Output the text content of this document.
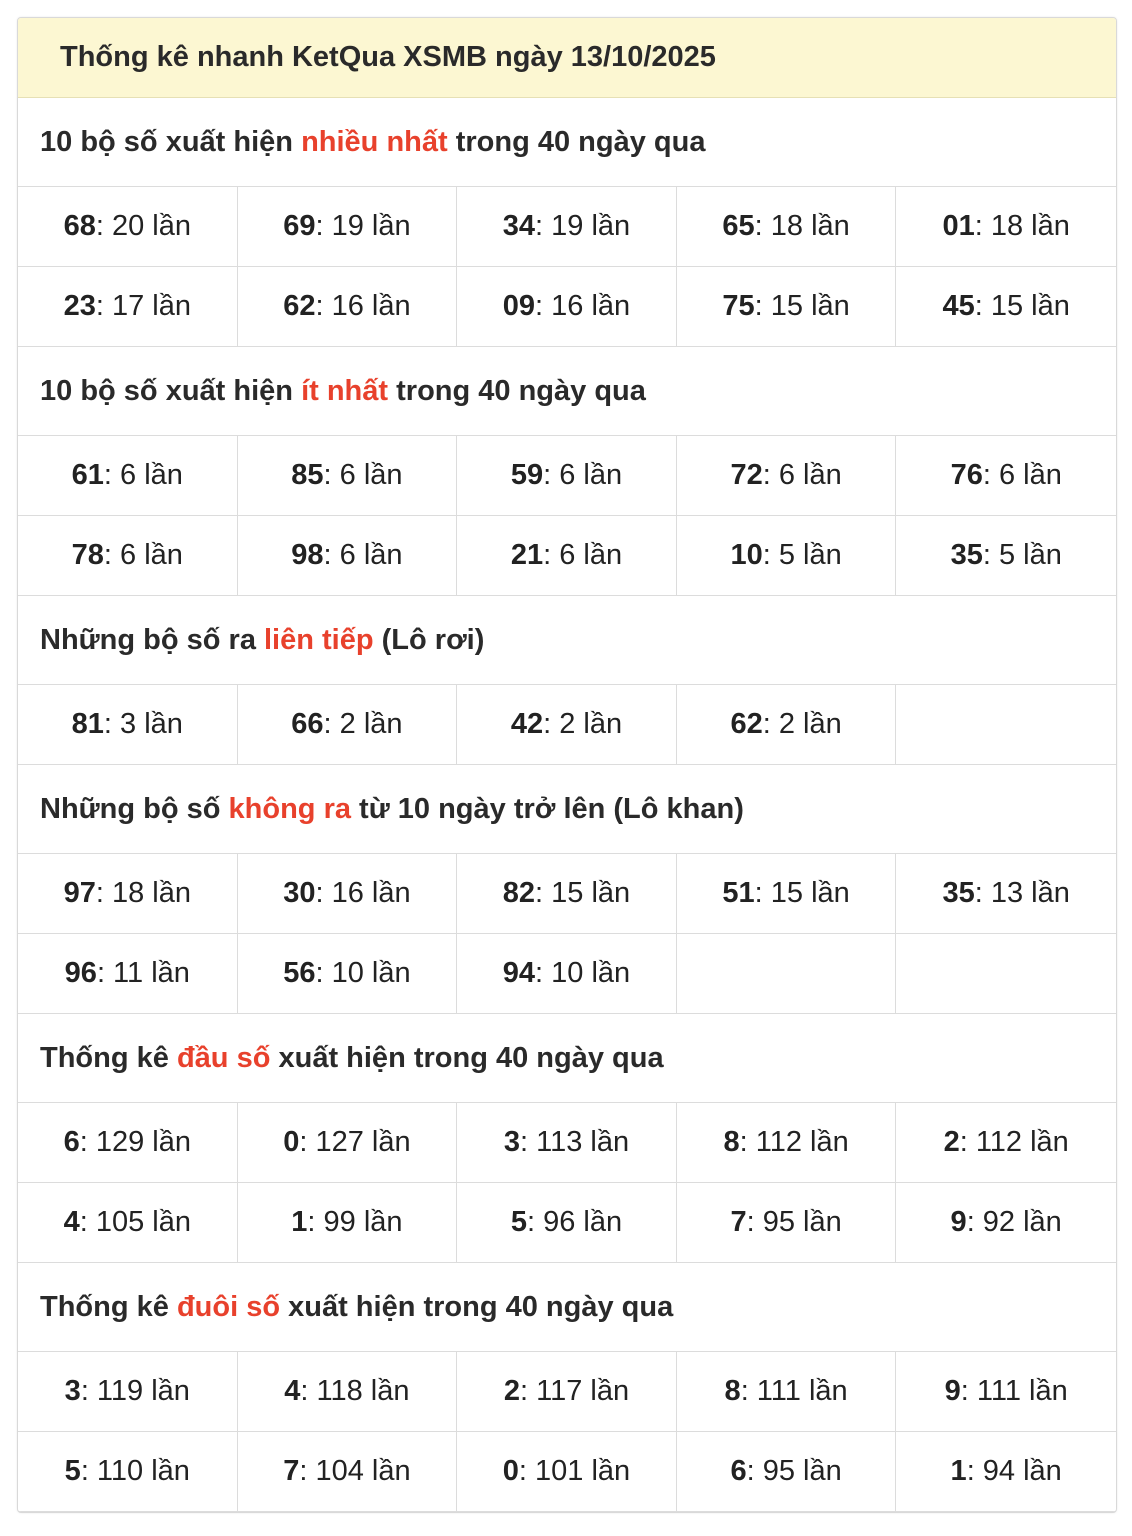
Thống kê nhanh KetQua XSMB ngày 13/10/2025
10 bộ số xuất hiện nhiều nhất trong 40 ngày qua
68 : 20 lần	69 : 19 lần	34 : 19 lần	65 : 18 lần	01 : 18 lần
23 : 17 lần	62 : 16 lần	09 : 16 lần	75 : 15 lần	45 : 15 lần
10 bộ số xuất hiện ít nhất trong 40 ngày qua
61 : 6 lần	85 : 6 lần	59 : 6 lần	72 : 6 lần	76 : 6 lần
78 : 6 lần	98 : 6 lần	21 : 6 lần	10 : 5 lần	35 : 5 lần
Những bộ số ra liên tiếp (Lô rơi)
81 : 3 lần	66 : 2 lần	42 : 2 lần	62 : 2 lần
Những bộ số không ra từ 10 ngày trở lên (Lô khan)
97 : 18 lần	30 : 16 lần	82 : 15 lần	51 : 15 lần	35 : 13 lần
96 : 11 lần	56 : 10 lần	94 : 10 lần
Thống kê đầu số xuất hiện trong 40 ngày qua
6 : 129 lần	0 : 127 lần	3 : 113 lần	8 : 112 lần	2 : 112 lần
4 : 105 lần	1 : 99 lần	5 : 96 lần	7 : 95 lần	9 : 92 lần
Thống kê đuôi số xuất hiện trong 40 ngày qua
3 : 119 lần	4 : 118 lần	2 : 117 lần	8 : 111 lần	9 : 111 lần
5 : 110 lần	7 : 104 lần	0 : 101 lần	6 : 95 lần	1 : 94 lần
